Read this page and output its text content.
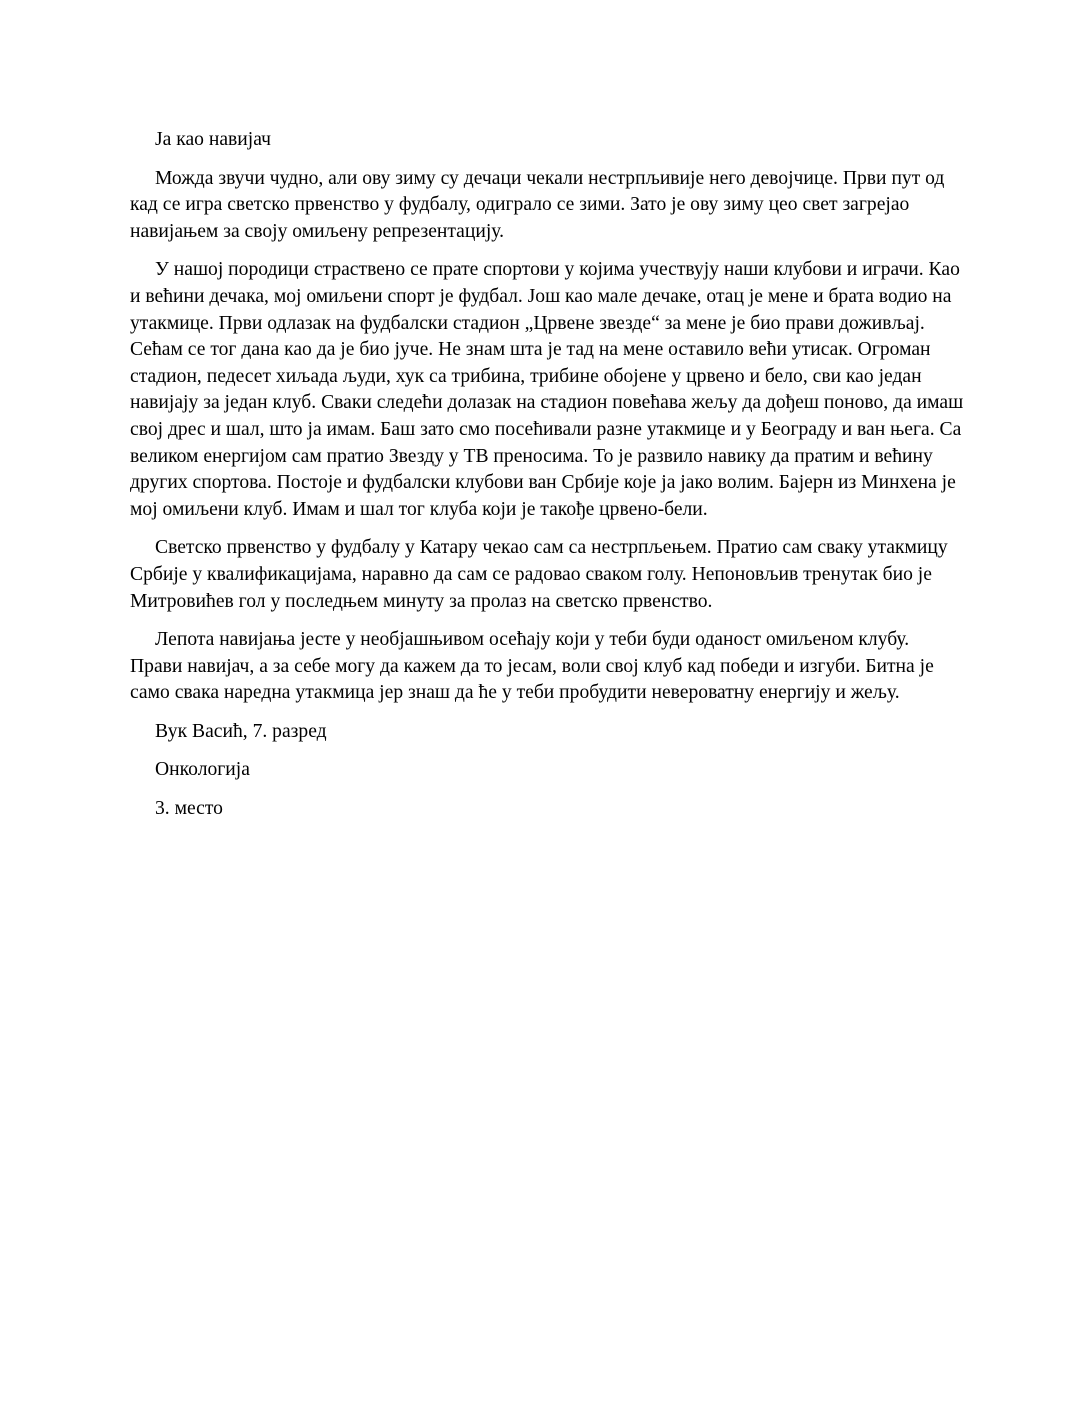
Ја као навијач

Можда звучи чудно, али ову зиму су дечаци чекали нестрпљивије него девојчице. Први пут од кад се игра светско првенство у фудбалу, одиграло се зими. Зато је ову зиму цео свет загрејао навијањем за своју омиљену репрезентацију.

У нашој породици страствено се прате спортови у којима учествују наши клубови и играчи. Као и већини дечака, мој омиљени спорт је фудбал. Још као мале дечаке, отац је мене и брата водио на утакмице. Први одлазак на фудбалски стадион „Црвене звезде“ за мене је био прави доживљај. Сећам се тог дана као да је био јуче. Не знам шта је тад на мене оставило већи утисак. Огроман стадион, педесет хиљада људи, хук са трибина, трибине обојене у црвено и бело, сви као један навијају за један клуб. Сваки следећи долазак на стадион повећава жељу да дођеш поново, да имаш свој дрес и шал, што ја имам. Баш зато смо посећивали разне утакмице и у Београду и ван њега. Са великом енергијом сам пратио Звезду у ТВ преносима. То је развило навику да пратим и већину других спортова. Постоје и фудбалски клубови ван Србије које ја јако волим. Бајерн из Минхена је мој омиљени клуб. Имам и шал тог клуба који је такође црвено-бели.

Светско првенство у фудбалу у Катару чекао сам са нестрпљењем. Пратио сам сваку утакмицу Србије у квалификацијама, наравно да сам се радовао сваком голу. Непоновљив тренутак био је Митровићев гол у последњем минуту за пролаз на светско првенство.

Лепота навијања јесте у необјашњивом осећају који у теби буди оданост омиљеном клубу. Прави навијач, а за себе могу да кажем да то јесам, воли свој клуб кад победи и изгуби. Битна је само свака наредна утакмица јер знаш да ће у теби пробудити невероватну енергију и жељу.

Вук Васић, 7. разред

Онкологија

3. место
